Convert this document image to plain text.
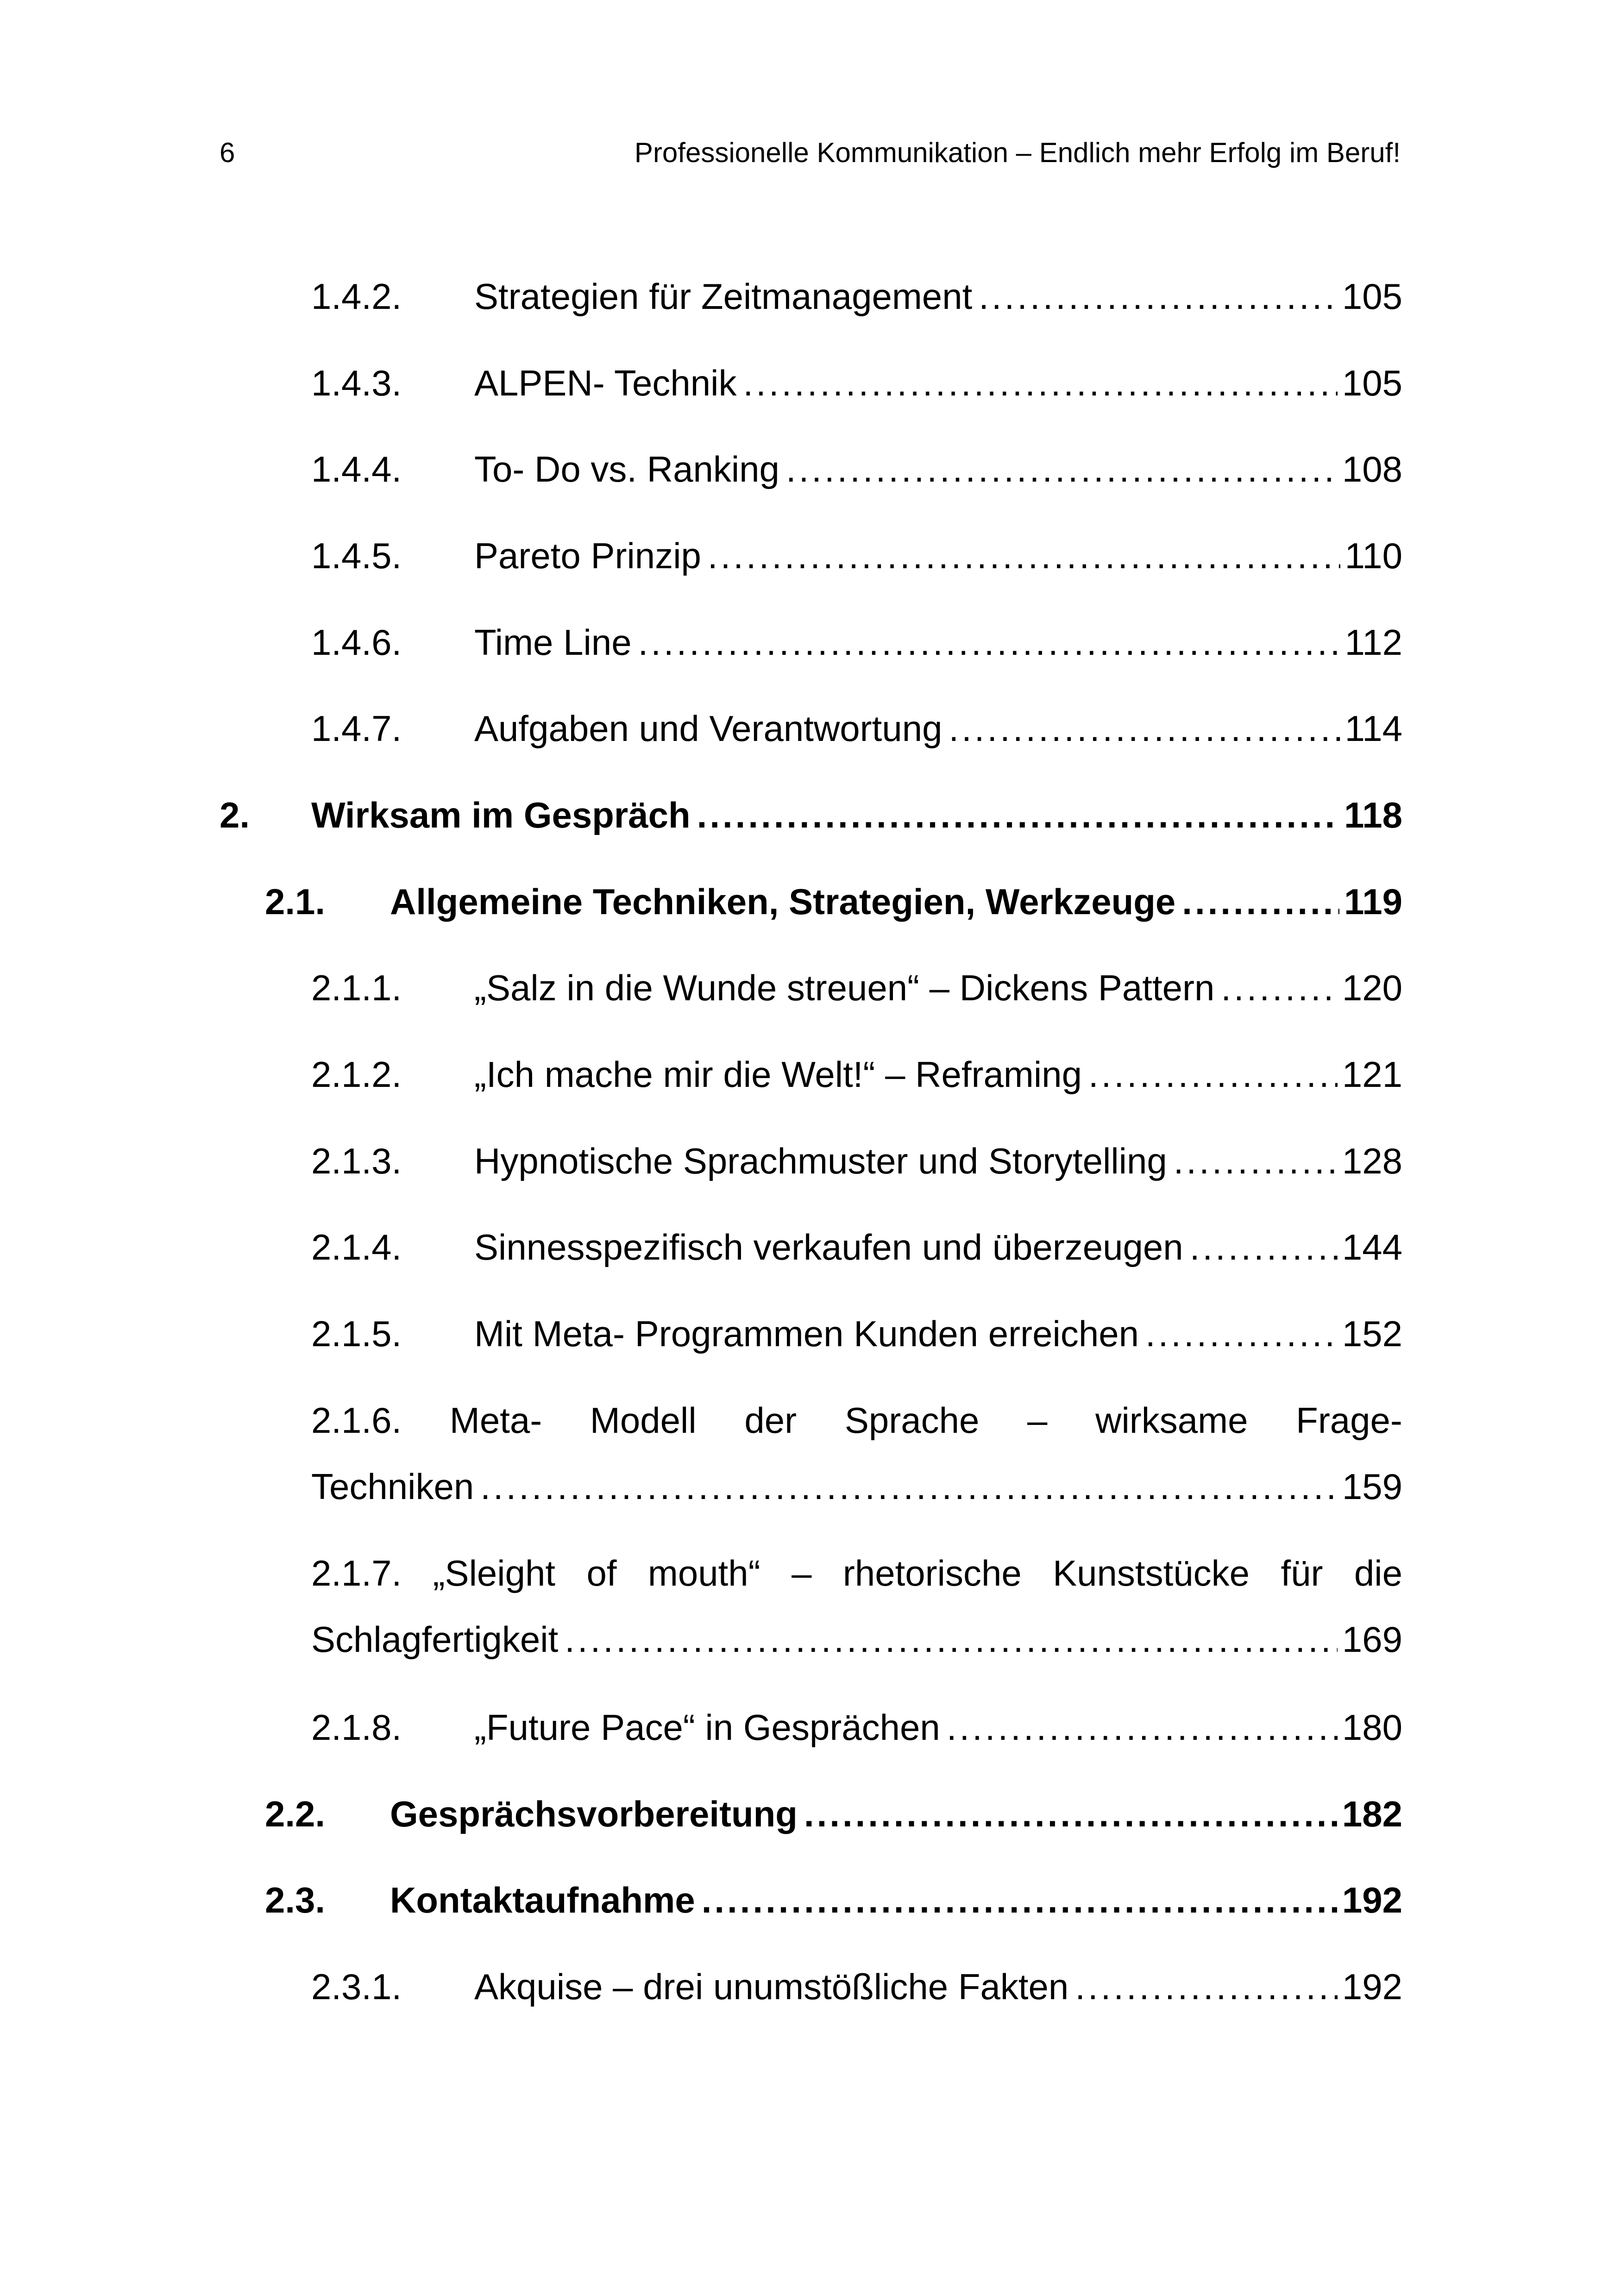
6	Professionelle Kommunikation – Endlich mehr Erfolg im Beruf!
1.4.2.	Strategien für Zeitmanagement .....	105
1.4.3.	ALPEN- Technik .....	105
1.4.4.	To- Do vs. Ranking .....	108
1.4.5.	Pareto Prinzip .....	110
1.4.6.	Time Line .....	112
1.4.7.	Aufgaben und Verantwortung .....	114
2.	Wirksam im Gespräch .....	118
2.1.	Allgemeine Techniken, Strategien, Werkzeuge .....	119
2.1.1.	„Salz in die Wunde streuen“ – Dickens Pattern .....	120
2.1.2.	„Ich mache mir die Welt!“ – Reframing .....	121
2.1.3.	Hypnotische Sprachmuster und Storytelling .....	128
2.1.4.	Sinnesspezifisch verkaufen und überzeugen .....	144
2.1.5.	Mit Meta- Programmen Kunden erreichen .....	152
2.1.6. Meta- Modell der Sprache – wirksame Frage-
Techniken .....	159
2.1.7. „Sleight of mouth“ – rhetorische Kunststücke für die
Schlagfertigkeit .....	169
2.1.8.	„Future Pace“ in Gesprächen .....	180
2.2.	Gesprächsvorbereitung .....	182
2.3.	Kontaktaufnahme .....	192
2.3.1.	Akquise – drei unumstößliche Fakten .....	192
